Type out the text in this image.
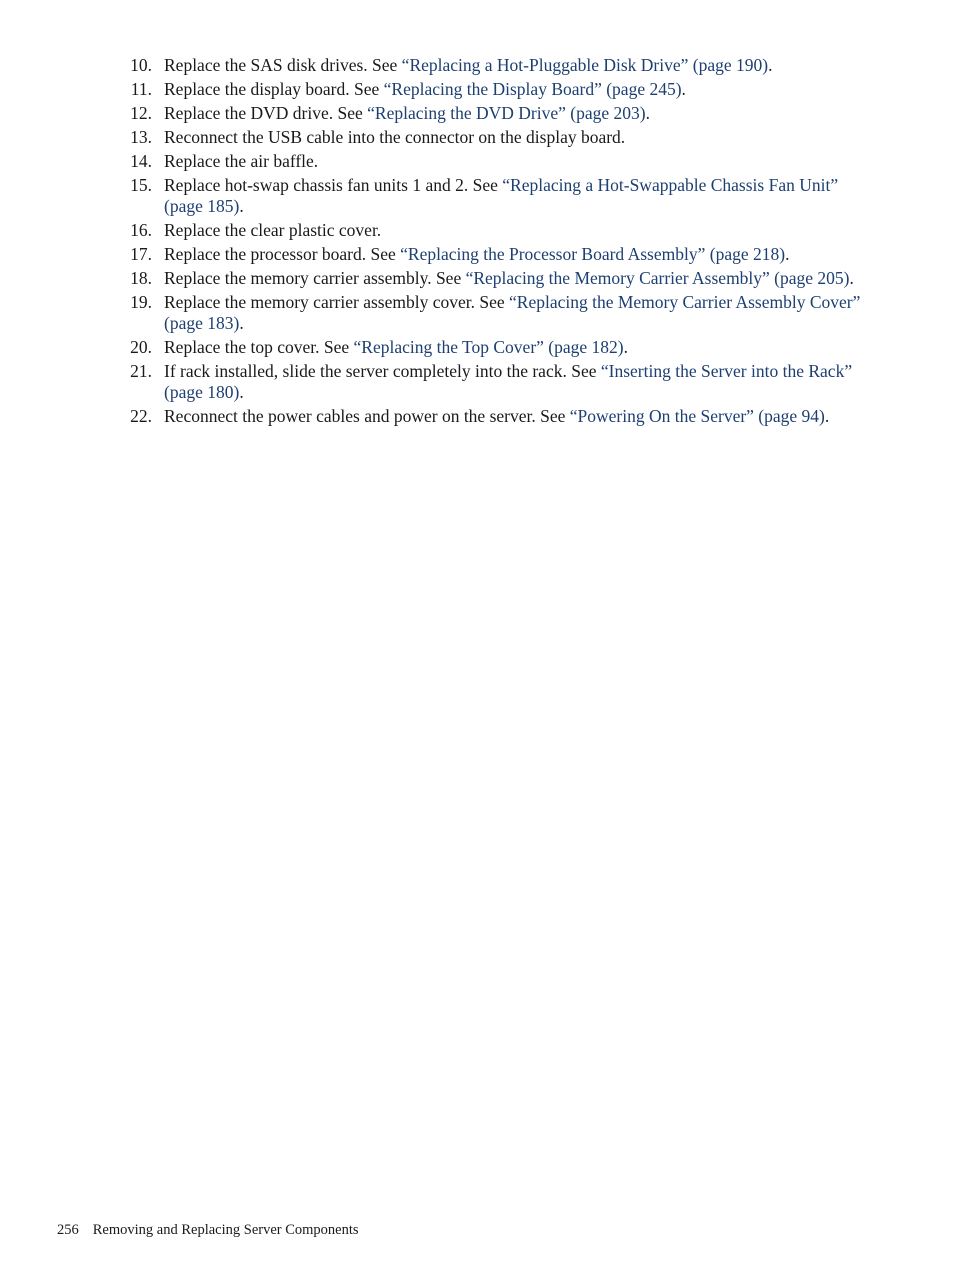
10. Replace the SAS disk drives. See “Replacing a Hot-Pluggable Disk Drive” (page 190).
11. Replace the display board. See “Replacing the Display Board” (page 245).
12. Replace the DVD drive. See “Replacing the DVD Drive” (page 203).
13. Reconnect the USB cable into the connector on the display board.
14. Replace the air baffle.
15. Replace hot-swap chassis fan units 1 and 2. See “Replacing a Hot-Swappable Chassis Fan Unit” (page 185).
16. Replace the clear plastic cover.
17. Replace the processor board. See “Replacing the Processor Board Assembly” (page 218).
18. Replace the memory carrier assembly. See “Replacing the Memory Carrier Assembly” (page 205).
19. Replace the memory carrier assembly cover. See “Replacing the Memory Carrier Assembly Cover” (page 183).
20. Replace the top cover. See “Replacing the Top Cover” (page 182).
21. If rack installed, slide the server completely into the rack. See “Inserting the Server into the Rack” (page 180).
22. Reconnect the power cables and power on the server. See “Powering On the Server” (page 94).
256 Removing and Replacing Server Components
